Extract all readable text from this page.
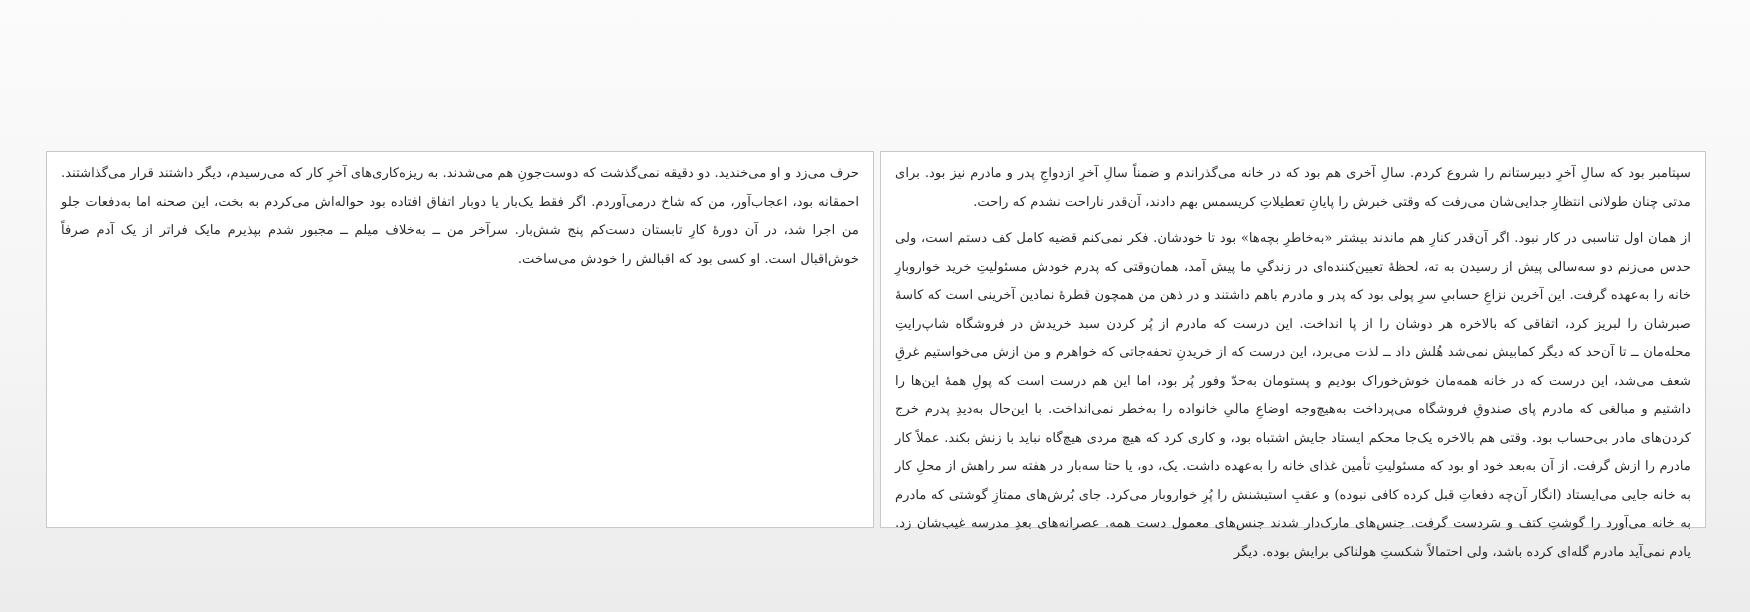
سپتامبر بود که سالِ آخرِ دبیرستانم را شروع کردم. سالِ آخری هم بود که در خانه می‌گذراندم و ضمناً سالِ آخرِ ازدواجِ پدر و مادرم نیز بود. برای مدتی چنان طولانی انتظارِ جدایی‌شان می‌رفت که وقتی خبرش را پایانِ تعطیلاتِ کریسمس بهم دادند، آن‌قدر ناراحت نشدم که راحت.

از همان اول تناسبی در کار نبود. اگر آن‌قدر کنارِ هم ماندند بیشتر «به‌خاطرِ بچه‌ها» بود تا خودشان. فکر نمی‌کنم قضیه کامل کف دستم است، ولی حدس می‌زنم دو سه‌سالی پیش از رسیدن به ته، لحظهٔ تعیین‌کننده‌ای در زندگیِ ما پیش آمد، همان‌وقتی که پدرم خودش مسئولیتِ خرید خواروبارِ خانه را به‌عهده گرفت. این آخرین نزاعِ حسابیِ سرِ پولی بود که پدر و مادرم باهم داشتند و در ذهن من همچون قطرهٔ نمادین آخرینی است که کاسهٔ صبرشان را لبریز کرد، اتفاقی که بالاخره هر دوشان را از پا انداخت. این درست که مادرم از پُر کردن سبد خریدش در فروشگاه شاپ‌رایتِ محله‌مان ــ تا آن‌حد که دیگر کمابیش نمی‌شد هُلش داد ــ لذت می‌برد، این درست که از خریدنِ تحفه‌جاتی که خواهرم و من ازش می‌خواستیم غرقِ شعف می‌شد، این درست که در خانه همه‌مان خوش‌خوراک بودیم و پستومان به‌حدّ وفور پُر بود، اما این هم درست است که پولِ همهٔ این‌ها را داشتیم و مبالغی که مادرم پای صندوقِ فروشگاه می‌پرداخت به‌هیچ‌وجه اوضاعِ مالیِ خانواده را به‌خطر نمی‌انداخت. با این‌حال به‌دیدِ پدرم خرج کردن‌های مادر بی‌حساب بود. وقتی هم بالاخره یک‌جا محکم ایستاد جایش اشتباه بود، و کاری کرد که هیچ مردی هیچ‌گاه نباید با زنش بکند. عملاً کار مادرم را ازش گرفت. از آن به‌بعد خود او بود که مسئولیتِ تأمین غذای خانه را به‌عهده داشت. یک، دو، یا حتا سه‌بار در هفته سر راهش از محلِ کار به خانه جایی می‌ایستاد (انگار آن‌چه دفعاتِ قبل کرده کافی نبوده) و عقبِ استیشنش را پُرِ خواروبار می‌کرد. جای بُرش‌های ممتازِ گوشتی که مادرم به خانه می‌آورد را گوشتِ کتف و سَردست گرفت. جنس‌های مارک‌دار شدند جنس‌های معمول دست همه. عصرانه‌های بعدِ مدرسه غیب‌شان زد. یادم نمی‌آید مادرم گله‌ای کرده باشد، ولی احتمالاً شکستِ هولناکی برایش بوده. دیگر

حرف می‌زد و او می‌خندید. دو دقیقه نمی‌گذشت که دوست‌جونِ هم می‌شدند. به ریزه‌کاری‌های آخرِ کار که می‌رسیدم، دیگر داشتند قرار می‌گذاشتند. احمقانه بود، اعجاب‌آور، من که شاخ درمی‌آوردم. اگر فقط یک‌بار یا دوبار اتفاق افتاده بود حواله‌اش می‌کردم به بخت، این صحنه اما به‌دفعات جلو من اجرا شد، در آن دورهٔ کارِ تابستان دست‌کم پنج شش‌بار. سرآخر من ــ به‌خلاف میلم ــ مجبور شدم بپذیرم مایک فراتر از یک آدم صرفاً خوش‌اقبال است. او کسی بود که اقبالش را خودش می‌ساخت.
